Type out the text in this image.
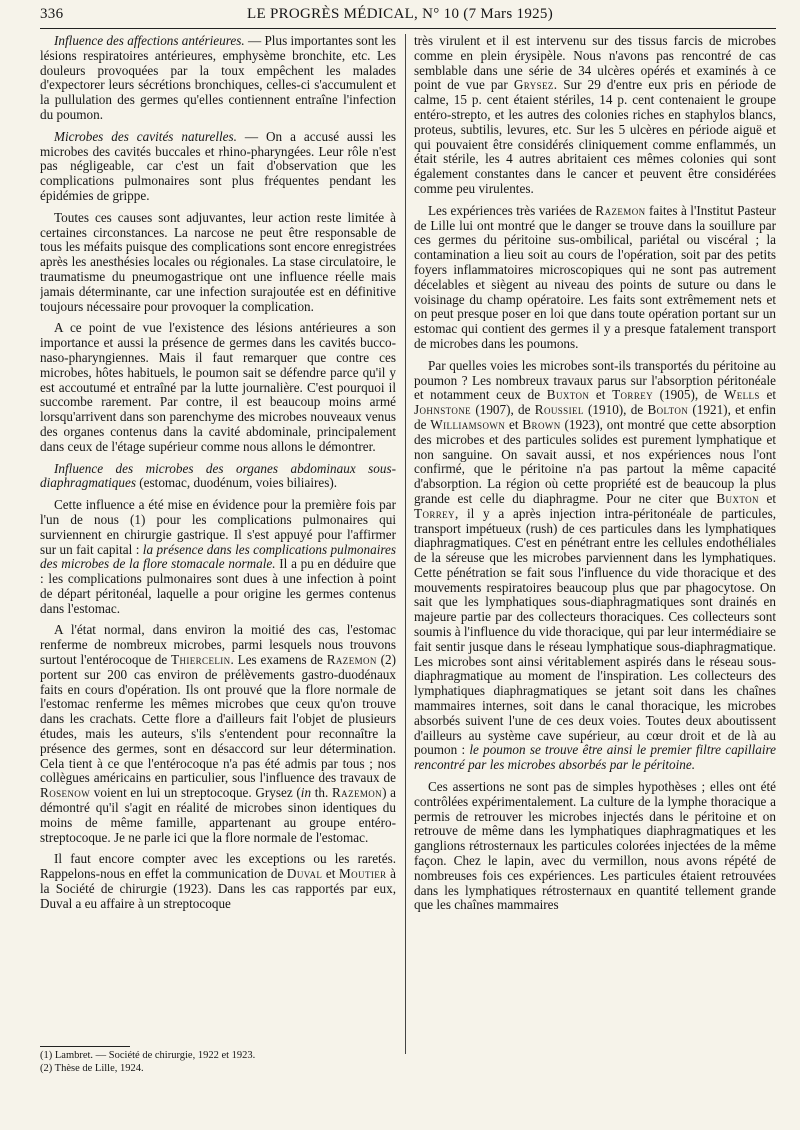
336	LE PROGRÈS MÉDICAL, N° 10 (7 Mars 1925)

Influence des affections antérieures. — Plus importantes sont les lésions respiratoires antérieures, emphysème bronchite, etc. Les douleurs provoquées par la toux empêchent les malades d'expectorer leurs sécrétions bronchiques, celles-ci s'accumulent et la pullulation des germes qu'elles contiennent entraîne l'infection du poumon.

Microbes des cavités naturelles. — On a accusé aussi les microbes des cavités buccales et rhino-pharyngées. Leur rôle n'est pas négligeable, car c'est un fait d'observation que les complications pulmonaires sont plus fréquentes pendant les épidémies de grippe.

Toutes ces causes sont adjuvantes, leur action reste limitée à certaines circonstances. La narcose ne peut être responsable de tous les méfaits puisque des complications sont encore enregistrées après les anesthésies locales ou régionales. La stase circulatoire, le traumatisme du pneumogastrique ont une influence réelle mais jamais déterminante, car une infection surajoutée est en définitive toujours nécessaire pour provoquer la complication.

A ce point de vue l'existence des lésions antérieures a son importance et aussi la présence de germes dans les cavités bucco-naso-pharyngiennes. Mais il faut remarquer que contre ces microbes, hôtes habituels, le poumon sait se défendre parce qu'il y est accoutumé et entraîné par la lutte journalière. C'est pourquoi il succombe rarement. Par contre, il est beaucoup moins armé lorsqu'arrivent dans son parenchyme des microbes nouveaux venus des organes contenus dans la cavité abdominale, principalement dans ceux de l'étage supérieur comme nous allons le démontrer.

Influence des microbes des organes abdominaux sous-diaphragmatiques (estomac, duodénum, voies biliaires).

Cette influence a été mise en évidence pour la première fois par l'un de nous (1) pour les complications pulmonaires qui surviennent en chirurgie gastrique. Il s'est appuyé pour l'affirmer sur un fait capital : la présence dans les complications pulmonaires des microbes de la flore stomacale normale. Il a pu en déduire que : les complications pulmonaires sont dues à une infection à point de départ péritonéal, laquelle a pour origine les germes contenus dans l'estomac.

A l'état normal, dans environ la moitié des cas, l'estomac renferme de nombreux microbes, parmi lesquels nous trouvons surtout l'entérocoque de Thiercelin. Les examens de Razemon (2) portent sur 200 cas environ de prélèvements gastro-duodénaux faits en cours d'opération. Ils ont prouvé que la flore normale de l'estomac renferme les mêmes microbes que ceux qu'on trouve dans les crachats. Cette flore a d'ailleurs fait l'objet de plusieurs études, mais les auteurs, s'ils s'entendent pour reconnaître la présence des germes, sont en désaccord sur leur détermination. Cela tient à ce que l'entérocoque n'a pas été admis par tous ; nos collègues américains en particulier, sous l'influence des travaux de Rosenow voient en lui un streptocoque. Grysez (in th. Razemon) a démontré qu'il s'agit en réalité de microbes sinon identiques du moins de même famille, appartenant au groupe entéro-streptocoque. Je ne parle ici que la flore normale de l'estomac.

Il faut encore compter avec les exceptions ou les raretés. Rappelons-nous en effet la communication de Duval et Moutier à la Société de chirurgie (1923). Dans les cas rapportés par eux, Duval a eu affaire à un streptocoque

très virulent et il est intervenu sur des tissus farcis de microbes comme en plein érysipèle. Nous n'avons pas rencontré de cas semblable dans une série de 34 ulcères opérés et examinés à ce point de vue par Grysez. Sur 29 d'entre eux pris en période de calme, 15 p. cent étaient stériles, 14 p. cent contenaient le groupe entéro-strepto, et les autres des colonies riches en staphylos blancs, proteus, subtilis, levures, etc. Sur les 5 ulcères en période aiguë et qui pouvaient être considérés cliniquement comme enflammés, un était stérile, les 4 autres abritaient ces mêmes colonies qui sont également constantes dans le cancer et peuvent être considérées comme peu virulentes.

Les expériences très variées de Razemon faites à l'Institut Pasteur de Lille lui ont montré que le danger se trouve dans la souillure par ces germes du péritoine sus-ombilical, pariétal ou viscéral ; la contamination a lieu soit au cours de l'opération, soit par des petits foyers inflammatoires microscopiques qui ne sont pas autrement décelables et siègent au niveau des points de suture ou dans le voisinage du champ opératoire. Les faits sont extrêmement nets et on peut presque poser en loi que dans toute opération portant sur un estomac qui contient des germes il y a presque fatalement transport de microbes dans les poumons.

Par quelles voies les microbes sont-ils transportés du péritoine au poumon ? Les nombreux travaux parus sur l'absorption péritonéale et notamment ceux de Buxton et Torrey (1905), de Wells et Johnstone (1907), de Roussiel (1910), de Bolton (1921), et enfin de Williamsown et Brown (1923), ont montré que cette absorption des microbes et des particules solides est purement lymphatique et non sanguine. On savait aussi, et nos expériences nous l'ont confirmé, que le péritoine n'a pas partout la même capacité d'absorption. La région où cette propriété est de beaucoup la plus grande est celle du diaphragme. Pour ne citer que Buxton et Torrey, il y a après injection intra-péritonéale de particules, transport impétueux (rush) de ces particules dans les lymphatiques diaphragmatiques. C'est en pénétrant entre les cellules endothéliales de la séreuse que les microbes parviennent dans les lymphatiques. Cette pénétration se fait sous l'influence du vide thoracique et des mouvements respiratoires beaucoup plus que par phagocytose. On sait que les lymphatiques sous-diaphragmatiques sont drainés en majeure partie par des collecteurs thoraciques. Ces collecteurs sont soumis à l'influence du vide thoracique, qui par leur intermédiaire se fait sentir jusque dans le réseau lymphatique sous-diaphragmatique. Les microbes sont ainsi véritablement aspirés dans le réseau sous-diaphragmatique au moment de l'inspiration. Les collecteurs des lymphatiques diaphragmatiques se jetant soit dans les chaînes mammaires internes, soit dans le canal thoracique, les microbes absorbés suivent l'une de ces deux voies. Toutes deux aboutissent d'ailleurs au système cave supérieur, au cœur droit et de là au poumon : le poumon se trouve être ainsi le premier filtre capillaire rencontré par les microbes absorbés par le péritoine.

Ces assertions ne sont pas de simples hypothèses ; elles ont été contrôlées expérimentalement. La culture de la lymphe thoracique a permis de retrouver les microbes injectés dans le péritoine et on retrouve de même dans les lymphatiques diaphragmatiques et les ganglions rétrosternaux les particules colorées injectées de la même façon. Chez le lapin, avec du vermillon, nous avons répété de nombreuses fois ces expériences. Les particules étaient retrouvées dans les lymphatiques rétrosternaux en quantité tellement grande que les chaînes mammaires

(1) Lambret. — Société de chirurgie, 1922 et 1923.
(2) Thèse de Lille, 1924.
